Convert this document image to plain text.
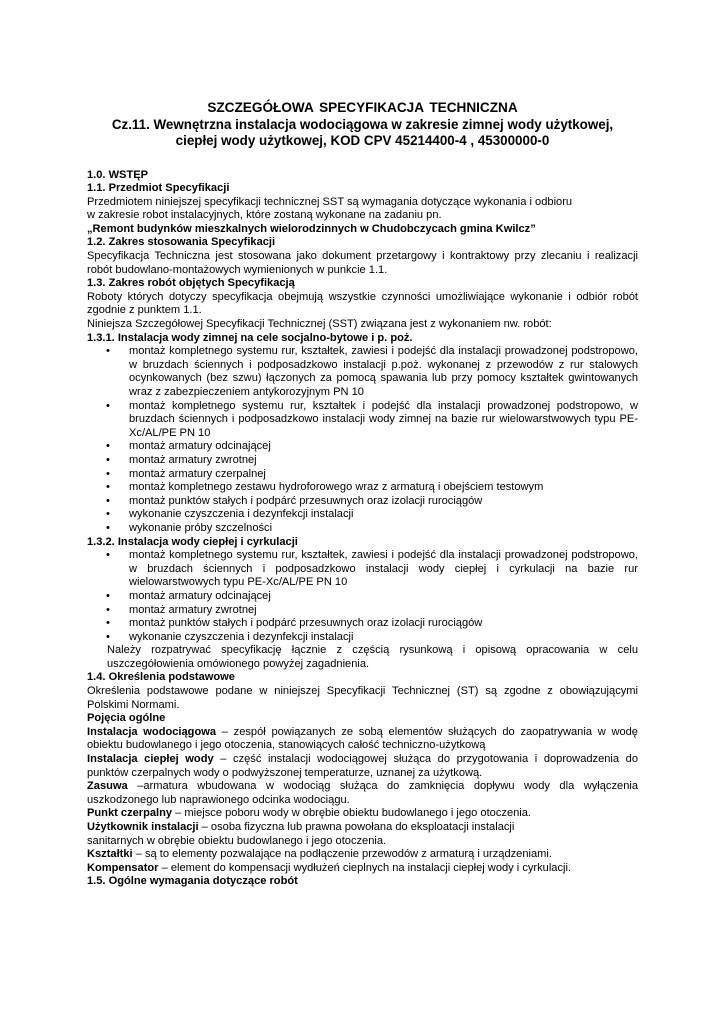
SZCZEGÓŁOWA SPECYFIKACJA TECHNICZNA
Cz.11. Wewnętrzna instalacja wodociągowa w zakresie zimnej wody użytkowej,
ciepłej wody użytkowej, KOD CPV 45214400-4 , 45300000-0
1.0. WSTĘP
1.1. Przedmiot Specyfikacji
Przedmiotem niniejszej specyfikacji technicznej SST są wymagania dotyczące wykonania i odbioru
w zakresie robot instalacyjnych, które zostaną wykonane na zadaniu pn.
„Remont budynków mieszkalnych wielorodzinnych w Chudobczycach gmina Kwilcz”
1.2. Zakres stosowania Specyfikacji
Specyfikacja Techniczna jest stosowana jako dokument przetargowy i kontraktowy przy zlecaniu i realizacji robót budowlano-montażowych wymienionych w punkcie 1.1.
1.3. Zakres robót objętych Specyfikacją
Roboty których dotyczy specyfikacja obejmują wszystkie czynności umożliwiające wykonanie i odbiór robót zgodnie z punktem 1.1.
Niniejsza Szczegółowej Specyfikacji Technicznej (SST) związana jest z wykonaniem nw. robót:
1.3.1. Instalacja wody zimnej na cele socjalno-bytowe i p. poż.
• montaż kompletnego systemu rur, kształtek, zawiesi i podejść dla instalacji prowadzonej podstropowo, w bruzdach ściennych i podposadzkowo instalacji p.poż. wykonanej z przewodów z rur stalowych ocynkowanych (bez szwu) łączonych za pomocą spawania lub przy pomocy kształtek gwintowanych wraz z zabezpieczeniem antykorozyjnym PN 10
• montaż kompletnego systemu rur, kształtek i podejść dla instalacji prowadzonej podstropowo, w bruzdach ściennych i podposadzkowo instalacji wody zimnej na bazie rur wielowarstwowych typu PE-Xc/AL/PE PN 10
• montaż armatury odcinającej
• montaż armatury zwrotnej
• montaż armatury czerpalnej
• montaż kompletnego zestawu hydroforowego wraz z armaturą i obejściem testowym
• montaż punktów stałych i podpárć przesuwnych oraz izolacji rurociągów
• wykonanie czyszczenia i dezynfekcji instalacji
• wykonanie próby szczelności
1.3.2. Instalacja wody ciepłej i cyrkulacji
• montaż kompletnego systemu rur, kształtek, zawiesi i podejść dla instalacji prowadzonej podstropowo, w bruzdach ściennych i podposadzkowo instalacji wody ciepłej i cyrkulacji na bazie rur wielowarstwowych typu PE-Xc/AL/PE PN 10
• montaż armatury odcinającej
• montaż armatury zwrotnej
• montaż punktów stałych i podpárć przesuwnych oraz izolacji rurociągów
• wykonanie czyszczenia i dezynfekcji instalacji
Należy rozpatrywać specyfikację łącznie z częścią rysunkową i opisową opracowania w celu uszczegółowienia omówionego powyżej zagadnienia.
1.4. Określenia podstawowe
Określenia podstawowe podane w niniejszej Specyfikacji Technicznej (ST) są zgodne z obowiązującymi Polskimi Normami.
Pojęcia ogólne
Instalacja wodociągowa – zespół powiązanych ze sobą elementów służących do zaopatrywania w wodę obiektu budowlanego i jego otoczenia, stanowiących całość techniczno-użytkową
Instalacja ciepłej wody – część instalacji wodociągowej służąca do przygotowania i doprowadzenia do punktów czerpalnych wody o podwyższonej temperaturze, uznanej za użytkową.
Zasuwa –armatura wbudowana w wodociąg służąca do zamknięcia dopływu wody dla wyłączenia uszkodzonego lub naprawionego odcinka wodociągu.
Punkt czerpalny – miejsce poboru wody w obrębie obiektu budowlanego i jego otoczenia.
Użytkownik instalacji – osoba fizyczna lub prawna powołana do eksploatacji instalacji
sanitarnych w obrębie obiektu budowlanego i jego otoczenia.
Kształtki – są to elementy pozwalające na podłączenie przewodów z armaturą i urządzeniami.
Kompensator – element do kompensacji wydłużeń cieplnych na instalacji ciepłej wody i cyrkulacji.
1.5. Ogólne wymagania dotyczące robót
